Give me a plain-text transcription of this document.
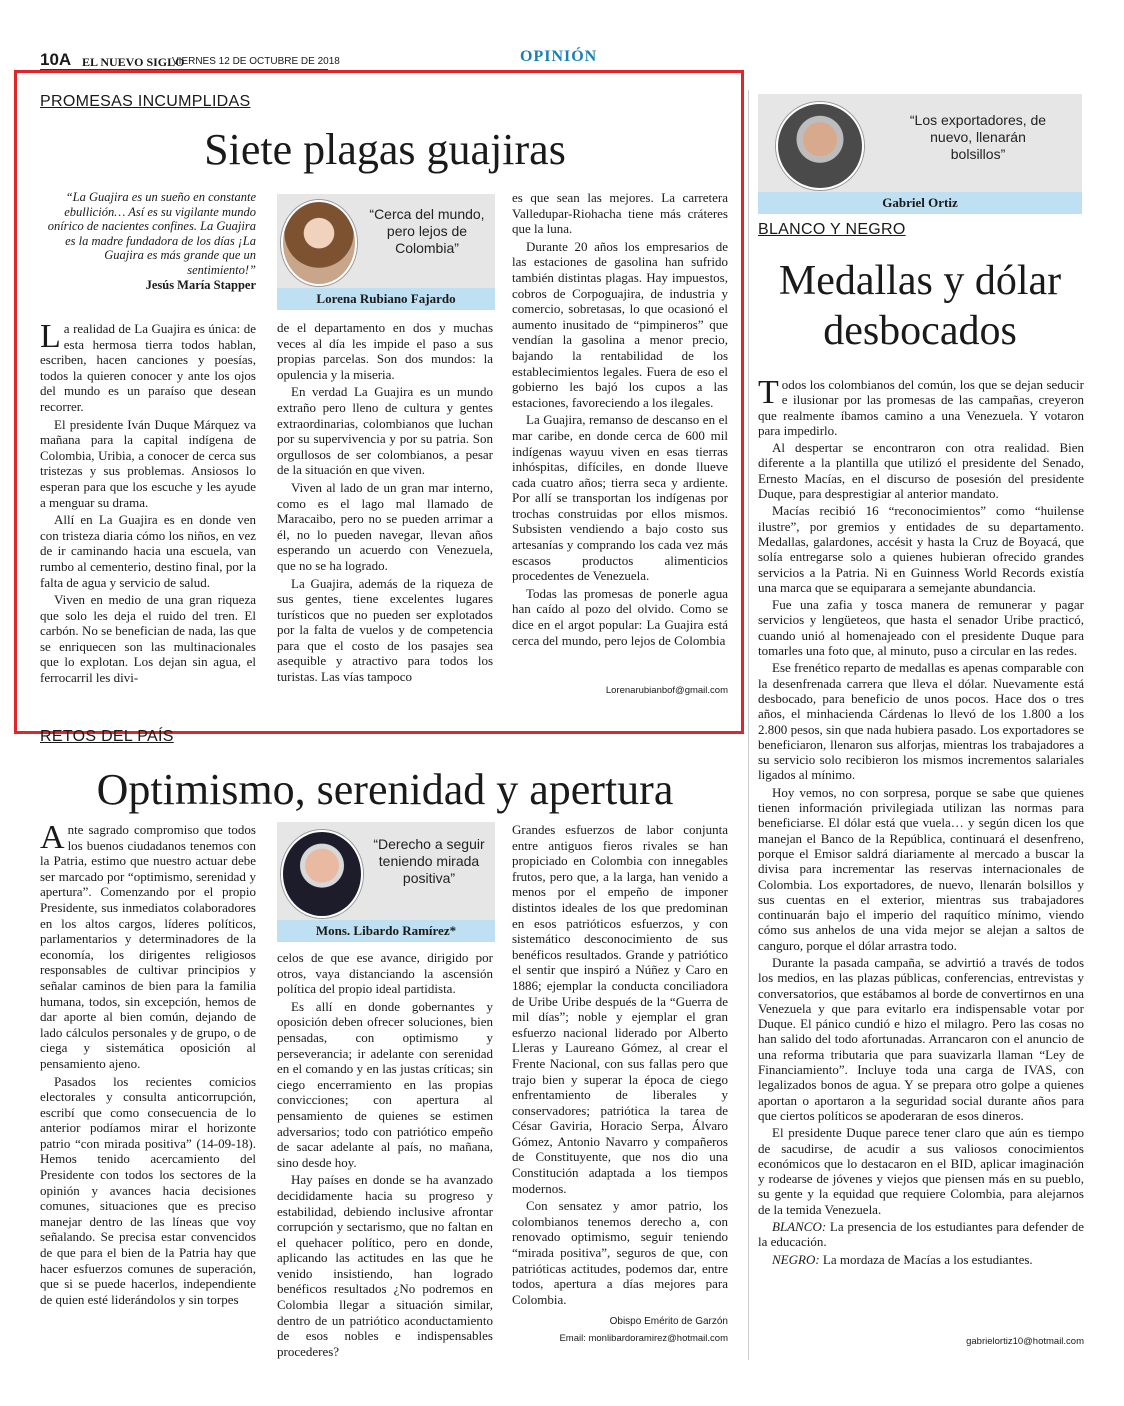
10A EL NUEVO SIGLO
VIERNES 12 DE OCTUBRE DE 2018	OPINIÓN
PROMESAS INCUMPLIDAS
Siete plagas guajiras
“La Guajira es un sueño en constante ebullición… Así es su vigilante mundo onírico de nacientes confines. La Guajira es la madre fundadora de los días ¡La Guajira es más grande que un sentimiento!”
Jesús María Stapper
“Cerca del mundo, pero lejos de Colombia”
Lorena Rubiano Fajardo

La realidad de La Guajira es única: de esta hermosa tierra todos hablan, escriben, hacen canciones y poesías, todos la quieren conocer y ante los ojos del mundo es un paraíso que desean recorrer.

El presidente Iván Duque Márquez va mañana para la capital indígena de Colombia, Uribia, a conocer de cerca sus tristezas y sus problemas. Ansiosos lo esperan para que los escuche y les ayude a menguar su drama.

Allí en La Guajira es en donde ven con tristeza diaria cómo los niños, en vez de ir caminando hacia una escuela, van rumbo al cementerio, destino final, por la falta de agua y servicio de salud.

Viven en medio de una gran riqueza que solo les deja el ruido del tren. El carbón. No se benefician de nada, las que se enriquecen son las multinacionales que lo explotan. Los dejan sin agua, el ferrocarril les divi-

de el departamento en dos y muchas veces al día les impide el paso a sus propias parcelas. Son dos mundos: la opulencia y la miseria.

En verdad La Guajira es un mundo extraño pero lleno de cultura y gentes extraordinarias, colombianos que luchan por su supervivencia y por su patria. Son orgullosos de ser colombianos, a pesar de la situación en que viven.

Viven al lado de un gran mar interno, como es el lago mal llamado de Maracaibo, pero no se pueden arrimar a él, no lo pueden navegar, llevan años esperando un acuerdo con Venezuela, que no se ha logrado.

La Guajira, además de la riqueza de sus gentes, tiene excelentes lugares turísticos que no pueden ser explotados por la falta de vuelos y de competencia para que el costo de los pasajes sea asequible y atractivo para todos los turistas. Las vías tampoco

es que sean las mejores. La carretera Valledupar-Riohacha tiene más cráteres que la luna.

Durante 20 años los empresarios de las estaciones de gasolina han sufrido también distintas plagas. Hay impuestos, cobros de Corpoguajira, de industria y comercio, sobretasas, lo que ocasionó el aumento inusitado de “pimpineros” que vendían la gasolina a menor precio, bajando la rentabilidad de los establecimientos legales. Fuera de eso el gobierno les bajó los cupos a las estaciones, favoreciendo a los ilegales.

La Guajira, remanso de descanso en el mar caribe, en donde cerca de 600 mil indígenas wayuu viven en esas tierras inhóspitas, difíciles, en donde llueve cada cuatro años; tierra seca y ardiente. Por allí se transportan los indígenas por trochas construidas por ellos mismos. Subsisten vendiendo a bajo costo sus artesanías y comprando los cada vez más escasos productos alimenticios procedentes de Venezuela.

Todas las promesas de ponerle agua han caído al pozo del olvido. Como se dice en el argot popular: La Guajira está cerca del mundo, pero lejos de Colombia

Lorenarubianbof@gmail.com
RETOS DEL PAÍS
Optimismo, serenidad y apertura
“Derecho a seguir teniendo mirada positiva”
Mons. Libardo Ramírez*

Ante sagrado compromiso que todos los buenos ciudadanos tenemos con la Patria, estimo que nuestro actuar debe ser marcado por “optimismo, serenidad y apertura”. Comenzando por el propio Presidente, sus inmediatos colaboradores en los altos cargos, líderes políticos, parlamentarios y determinadores de la economía, los dirigentes religiosos responsables de cultivar principios y señalar caminos de bien para la familia humana, todos, sin excepción, hemos de dar aporte al bien común, dejando de lado cálculos personales y de grupo, o de ciega y sistemática oposición al pensamiento ajeno.

Pasados los recientes comicios electorales y consulta anticorrupción, escribí que como consecuencia de lo anterior podíamos mirar el horizonte patrio “con mirada positiva” (14-09-18). Hemos tenido acercamiento del Presidente con todos los sectores de la opinión y avances hacia decisiones comunes, situaciones que es preciso manejar dentro de las líneas que voy señalando. Se precisa estar convencidos de que para el bien de la Patria hay que hacer esfuerzos comunes de superación, que si se puede hacerlos, independiente de quien esté liderándolos y sin torpes

celos de que ese avance, dirigido por otros, vaya distanciando la ascensión política del propio ideal partidista.

Es allí en donde gobernantes y oposición deben ofrecer soluciones, bien pensadas, con optimismo y perseverancia; ir adelante con serenidad en el comando y en las justas críticas; sin ciego encerramiento en las propias convicciones; con apertura al pensamiento de quienes se estimen adversarios; todo con patriótico empeño de sacar adelante al país, no mañana, sino desde hoy.

Hay países en donde se ha avanzado decididamente hacia su progreso y estabilidad, debiendo inclusive afrontar corrupción y sectarismo, que no faltan en el quehacer político, pero en donde, aplicando las actitudes en las que he venido insistiendo, han logrado benéficos resultados ¿No podremos en Colombia llegar a situación similar, dentro de un patriótico aconductamiento de esos nobles e indispensables procederes?

Grandes esfuerzos de labor conjunta entre antiguos fieros rivales se han propiciado en Colombia con innegables frutos, pero que, a la larga, han venido a menos por el empeño de imponer distintos ideales de los que predominan en esos patrióticos esfuerzos, y con sistemático desconocimiento de sus benéficos resultados. Grande y patriótico el sentir que inspiró a Núñez y Caro en 1886; ejemplar la conducta conciliadora de Uribe Uribe después de la “Guerra de mil días”; noble y ejemplar el gran esfuerzo nacional liderado por Alberto Lleras y Laureano Gómez, al crear el Frente Nacional, con sus fallas pero que trajo bien y superar la época de ciego enfrentamiento de liberales y conservadores; patriótica la tarea de César Gaviria, Horacio Serpa, Álvaro Gómez, Antonio Navarro y compañeros de Constituyente, que nos dio una Constitución adaptada a los tiempos modernos.

Con sensatez y amor patrio, los colombianos tenemos derecho a, con renovado optimismo, seguir teniendo “mirada positiva”, seguros de que, con patrióticas actitudes, podemos dar, entre todos, apertura a días mejores para Colombia.

Obispo Emérito de Garzón
Email: monlibardoramirez@hotmail.com
“Los exportadores, de nuevo, llenarán bolsillos”
Gabriel Ortiz
BLANCO Y NEGRO
Medallas y dólar
desbocados

Todos los colombianos del común, los que se dejan seducir e ilusionar por las promesas de las campañas, creyeron que realmente íbamos camino a una Venezuela. Y votaron para impedirlo.

Al despertar se encontraron con otra realidad. Bien diferente a la plantilla que utilizó el presidente del Senado, Ernesto Macías, en el discurso de posesión del presidente Duque, para desprestigiar al anterior mandato.

Macías recibió 16 “reconocimientos” como “huilense ilustre”, por gremios y entidades de su departamento. Medallas, galardones, accésit y hasta la Cruz de Boyacá, que solía entregarse solo a quienes hubieran ofrecido grandes servicios a la Patria. Ni en Guinness World Records existía una marca que se equiparara a semejante abundancia.

Fue una zafia y tosca manera de remunerar y pagar servicios y lengüeteos, que hasta el senador Uribe practicó, cuando unió al homenajeado con el presidente Duque para tomarles una foto que, al minuto, puso a circular en las redes.

Ese frenético reparto de medallas es apenas comparable con la desenfrenada carrera que lleva el dólar. Nuevamente está desbocado, para beneficio de unos pocos. Hace dos o tres años, el minhacienda Cárdenas lo llevó de los 1.800 a los 2.800 pesos, sin que nada hubiera pasado. Los exportadores se beneficiaron, llenaron sus alforjas, mientras los trabajadores a su servicio solo recibieron los mismos incrementos salariales ligados al mínimo.

Hoy vemos, no con sorpresa, porque se sabe que quienes tienen información privilegiada utilizan las normas para beneficiarse. El dólar está que vuela… y según dicen los que manejan el Banco de la República, continuará el desenfreno, porque el Emisor saldrá diariamente al mercado a buscar la divisa para incrementar las reservas internacionales de Colombia. Los exportadores, de nuevo, llenarán bolsillos y sus cuentas en el exterior, mientras sus trabajadores continuarán bajo el imperio del raquítico mínimo, viendo cómo sus anhelos de una vida mejor se alejan a saltos de canguro, porque el dólar arrastra todo.

Durante la pasada campaña, se advirtió a través de todos los medios, en las plazas públicas, conferencias, entrevistas y conversatorios, que estábamos al borde de convertirnos en una Venezuela y que para evitarlo era indispensable votar por Duque. El pánico cundió e hizo el milagro. Pero las cosas no han salido del todo afortunadas. Arrancaron con el anuncio de una reforma tributaria que para suavizarla llaman “Ley de Financiamiento”. Incluye toda una carga de IVAS, con legalizados bonos de agua. Y se prepara otro golpe a quienes aportan o aportaron a la seguridad social durante años para que ciertos políticos se apoderaran de esos dineros.

El presidente Duque parece tener claro que aún es tiempo de sacudirse, de acudir a sus valiosos conocimientos económicos que lo destacaron en el BID, aplicar imaginación y rodearse de jóvenes y viejos que piensen más en su pueblo, su gente y la equidad que requiere Colombia, para alejarnos de la temida Venezuela.

BLANCO: La presencia de los estudiantes para defender de la educación.

NEGRO: La mordaza de Macías a los estudiantes.

gabrielortiz10@hotmail.com
